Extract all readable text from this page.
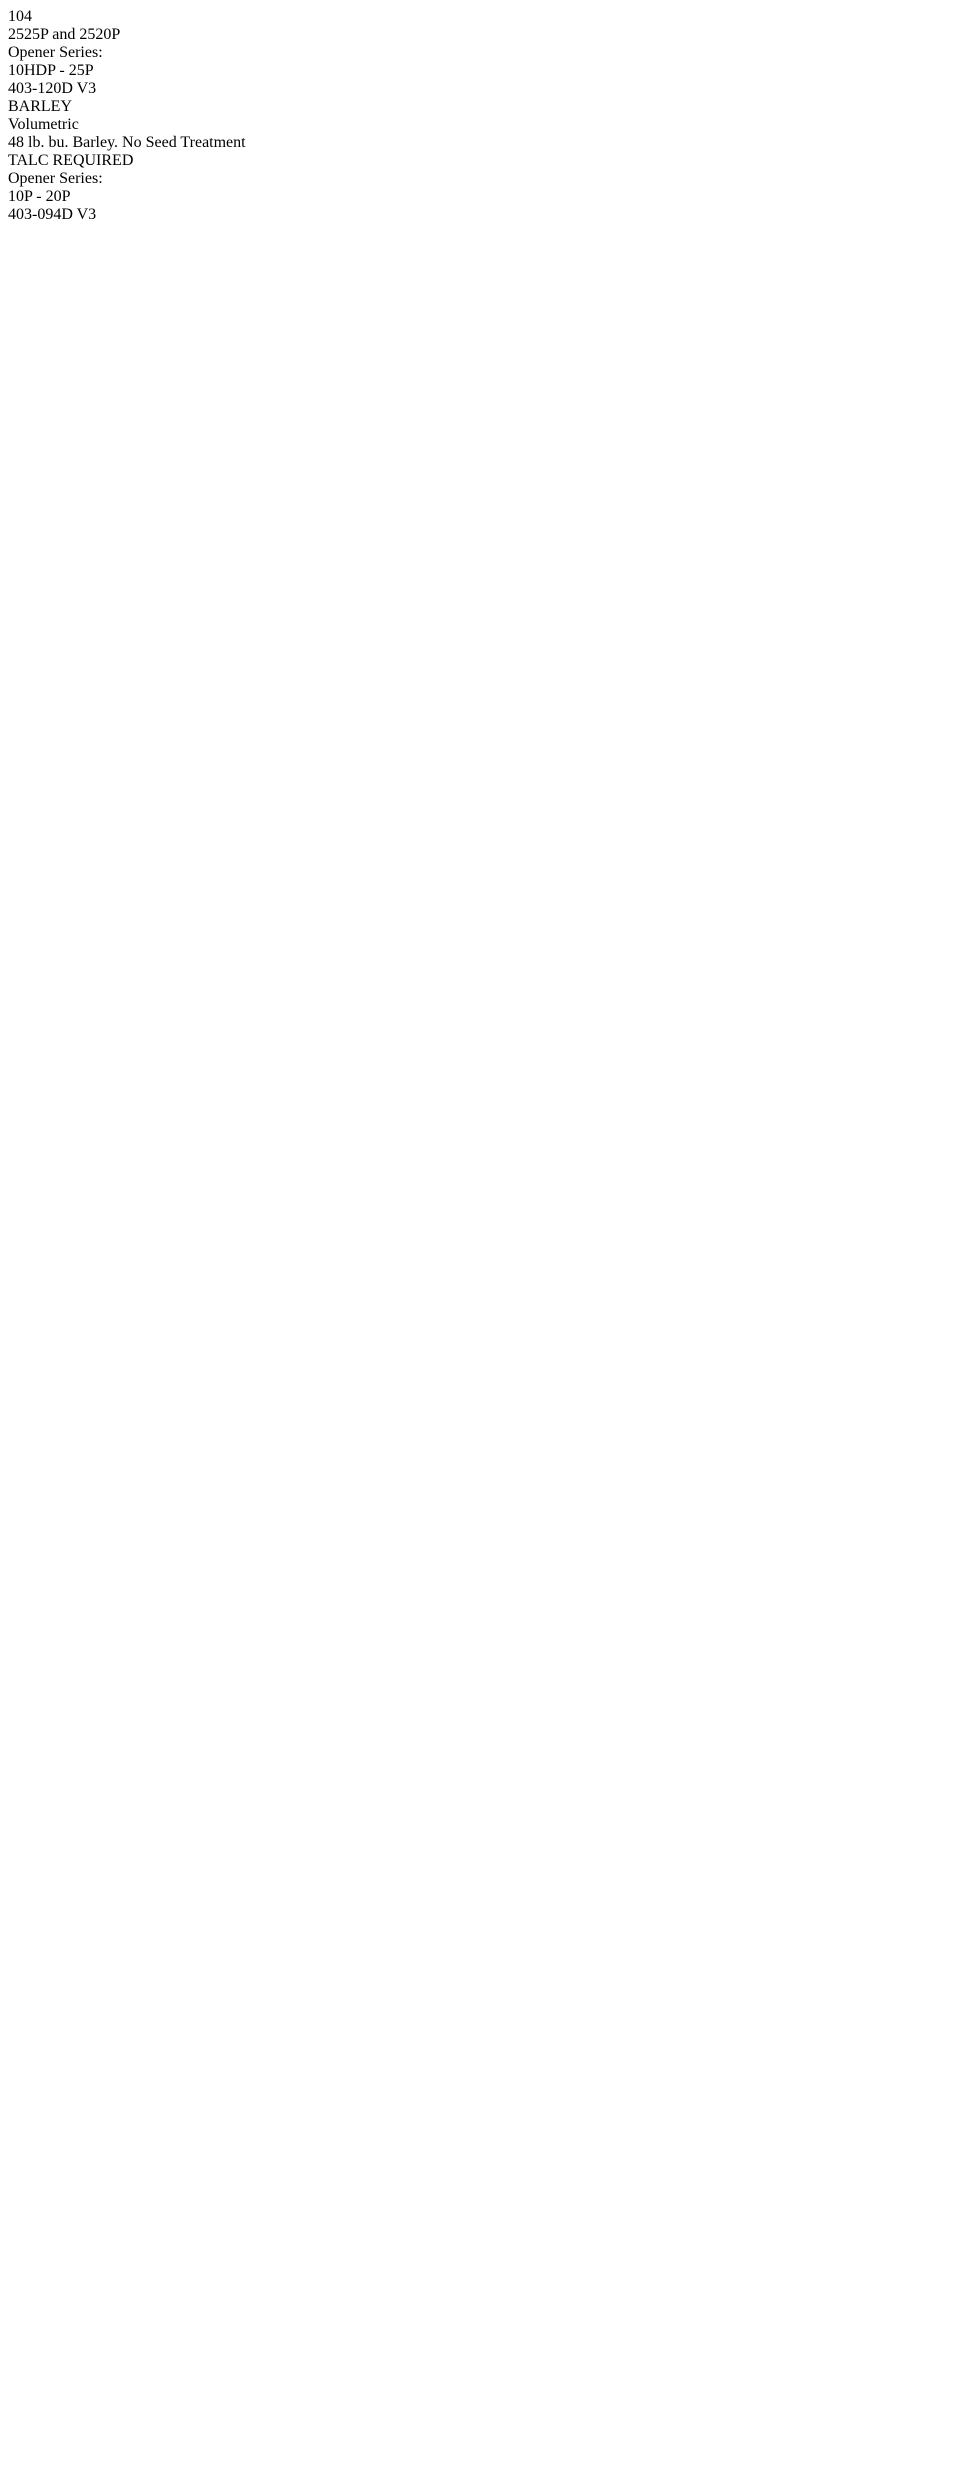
104
2525P and 2520P
Opener Series:
10HDP - 25P
403-120D V3
BARLEY
Volumetric
48 lb. bu. Barley. No Seed Treatment
TALC REQUIRED
Opener Series:
10P - 20P
403-094D V3
